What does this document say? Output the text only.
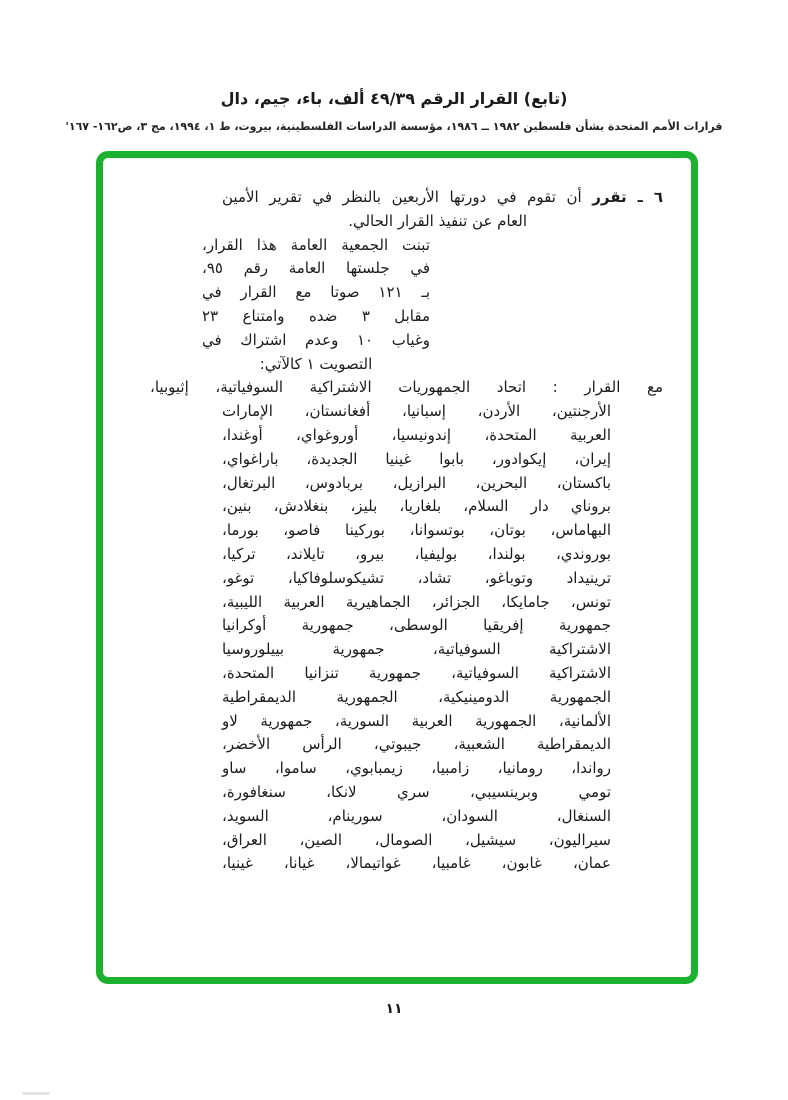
(تابع) القرار الرقم ٤٩/٣٩ ألف، باء، جيم، دال
قرارات الأمم المتحدة بشأن فلسطين ١٩٨٢ ــ ١٩٨٦، مؤسسة الدراسات الفلسطينية، بيروت، ط ١، ١٩٩٤، مج ٣، ص١٦٢- ١٦٧'
٦ ـ تقرر أن تقوم في دورتها الأربعين بالنظر في تقرير الأمين
العام عن تنفيذ القرار الحالي.
تبنت الجمعية العامة هذا القرار،
في جلستها العامة رقم ٩٥،
بـ ١٢١ صوتا مع القرار في
مقابل ٣ ضده وامتناع ٢٣
وغياب ١٠ وعدم اشتراك في
التصويت ١ كالآتي:
مع القرار : اتحاد الجمهوريات الاشتراكية السوفياتية، إثيوبيا،
الأرجنتين، الأردن، إسبانيا، أفغانستان، الإمارات
العربية المتحدة، إندونيسيا، أوروغواي، أوغندا،
إيران، إيكوادور، بابوا غينيا الجديدة، باراغواي،
باكستان، البحرين، البرازيل، بربادوس، البرتغال،
بروناي دار السلام، بلغاريا، بليز، بنغلادش، بنين،
البهاماس، بوتان، بوتسوانا، بوركينا فاصو، بورما،
بوروندي، بولندا، بوليفيا، بيرو، تايلاند، تركيا،
ترينيداد وتوباغو، تشاد، تشيكوسلوفاكيا، توغو،
تونس، جامايكا، الجزائر، الجماهيرية العربية الليبية،
جمهورية إفريقيا الوسطى، جمهورية أوكرانيا
الاشتراكية السوفياتية، جمهورية بييلوروسيا
الاشتراكية السوفياتية، جمهورية تنزانيا المتحدة،
الجمهورية الدومينيكية، الجمهورية الديمقراطية
الألمانية، الجمهورية العربية السورية، جمهورية لاو
الديمقراطية الشعبية، جيبوتي، الرأس الأخضر،
رواندا، رومانيا، زامبيا، زيمبابوي، ساموا، ساو
تومي وبرينسيبي، سري لانكا، سنغافورة،
السنغال، السودان، سورينام، السويد،
سيراليون، سيشيل، الصومال، الصين، العراق،
عمان، غابون، غامبيا، غواتيمالا، غيانا، غينيا،
١١
